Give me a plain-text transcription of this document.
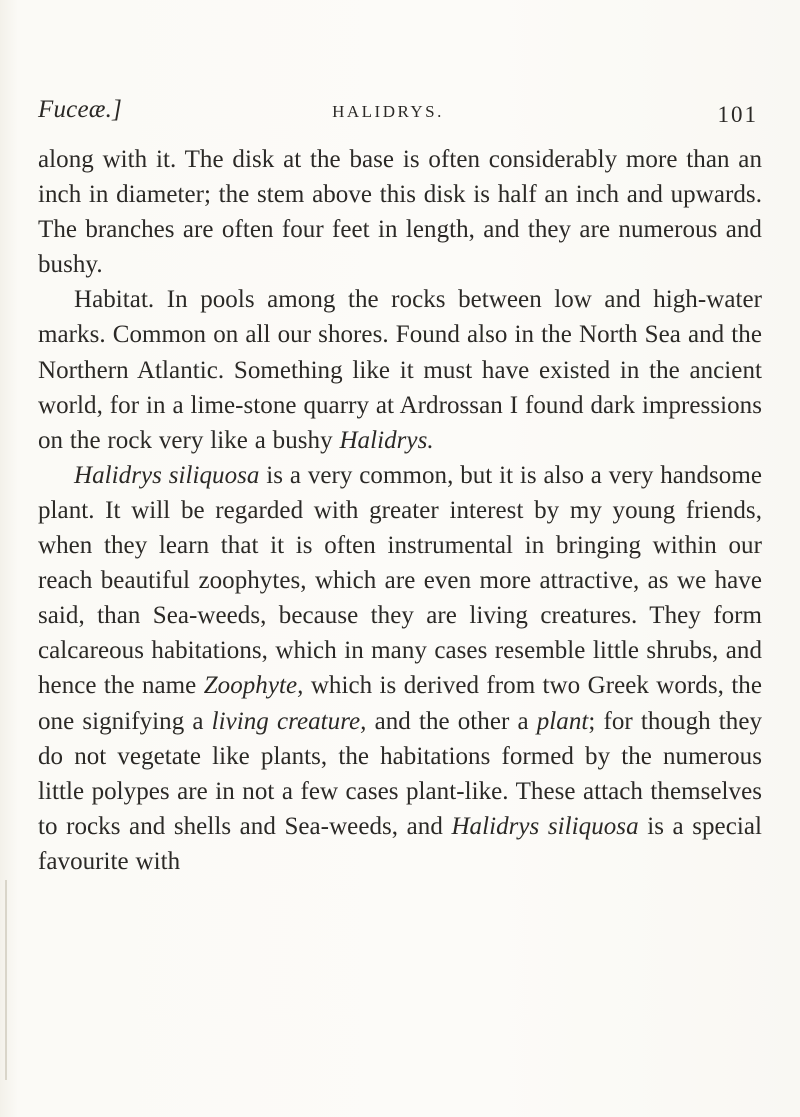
Fuceæ.]	HALIDRYS.	101

along with it. The disk at the base is often considerably more than an inch in diameter; the stem above this disk is half an inch and upwards. The branches are often four feet in length, and they are numerous and bushy.

Habitat. In pools among the rocks between low and high-water marks. Common on all our shores. Found also in the North Sea and the Northern Atlantic. Something like it must have existed in the ancient world, for in a lime-stone quarry at Ardrossan I found dark impressions on the rock very like a bushy Halidrys.

Halidrys siliquosa is a very common, but it is also a very handsome plant. It will be regarded with greater interest by my young friends, when they learn that it is often instrumental in bringing within our reach beautiful zoophytes, which are even more attractive, as we have said, than Sea-weeds, because they are living creatures. They form calcareous habitations, which in many cases resemble little shrubs, and hence the name Zoophyte, which is derived from two Greek words, the one signifying a living creature, and the other a plant; for though they do not vegetate like plants, the habitations formed by the numerous little polypes are in not a few cases plant-like. These attach themselves to rocks and shells and Sea-weeds, and Halidrys siliquosa is a special favourite with
